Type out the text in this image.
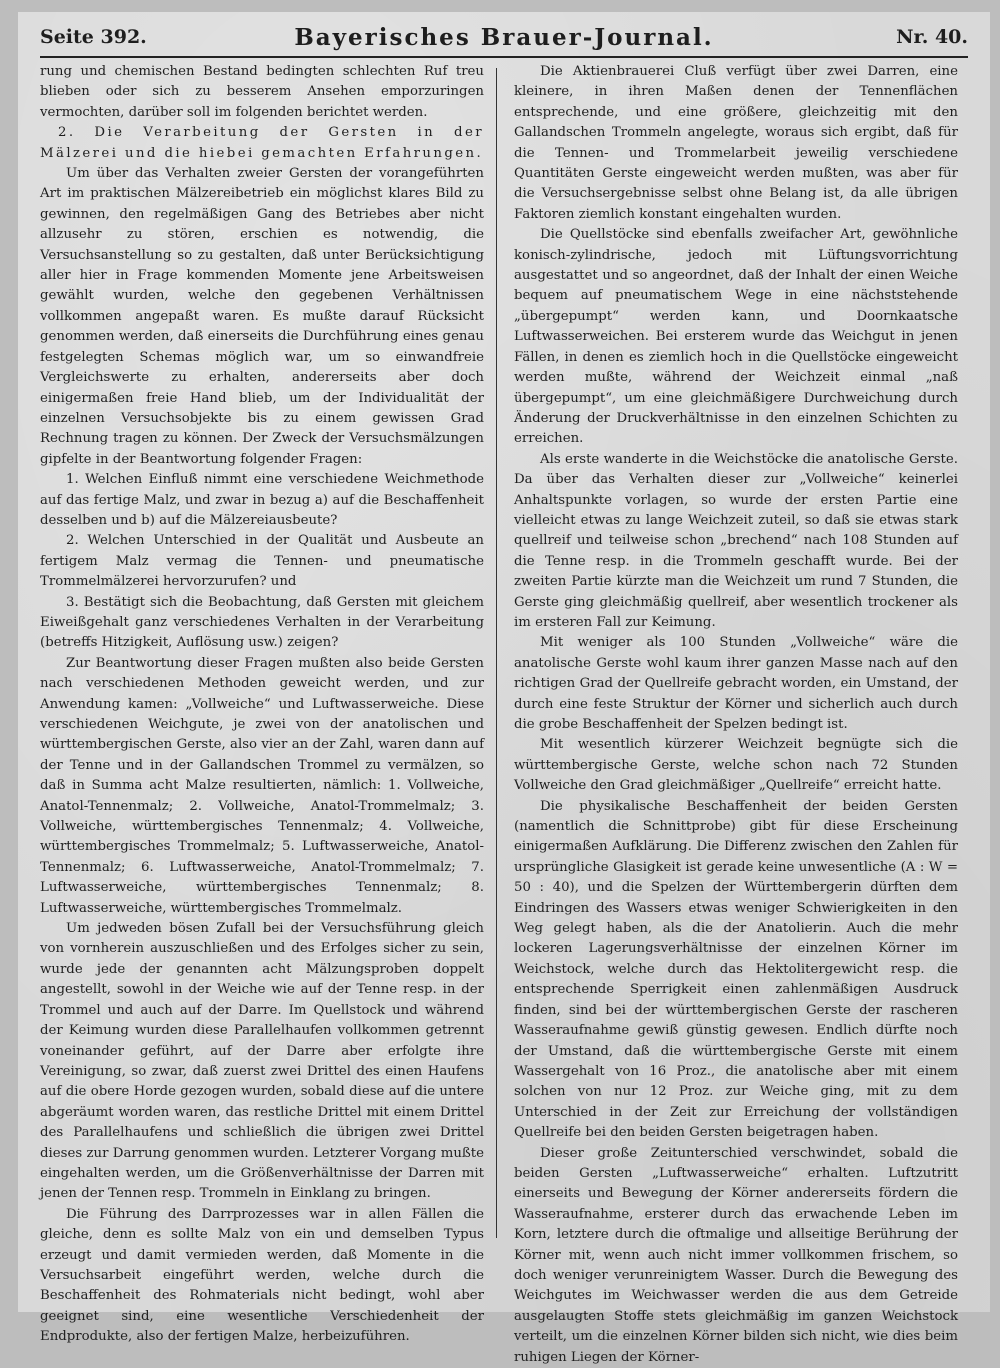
Seite 392.	Bayerisches Brauer-Journal.	Nr. 40.

rung und chemischen Bestand bedingten schlechten Ruf treu blieben oder sich zu besserem Ansehen emporzuringen vermochten, darüber soll im folgenden berichtet werden.

2. Die Verarbeitung der Gersten in der Mälzerei und die hiebei gemachten Erfahrungen.

Um über das Verhalten zweier Gersten der vorangeführten Art im praktischen Mälzereibetrieb ein möglichst klares Bild zu gewinnen, den regelmäßigen Gang des Betriebes aber nicht allzusehr zu stören, erschien es notwendig, die Versuchsanstellung so zu gestalten, daß unter Berücksichtigung aller hier in Frage kommenden Momente jene Arbeitsweisen gewählt wurden, welche den gegebenen Verhältnissen vollkommen angepaßt waren. Es mußte darauf Rücksicht genommen werden, daß einerseits die Durchführung eines genau festgelegten Schemas möglich war, um so einwandfreie Vergleichswerte zu erhalten, andererseits aber doch einigermaßen freie Hand blieb, um der Individualität der einzelnen Versuchsobjekte bis zu einem gewissen Grad Rechnung tragen zu können. Der Zweck der Versuchsmälzungen gipfelte in der Beantwortung folgender Fragen:

1. Welchen Einfluß nimmt eine verschiedene Weichmethode auf das fertige Malz, und zwar in bezug a) auf die Beschaffenheit desselben und b) auf die Mälzereiausbeute?

2. Welchen Unterschied in der Qualität und Ausbeute an fertigem Malz vermag die Tennen- und pneumatische Trommelmälzerei hervorzurufen? und

3. Bestätigt sich die Beobachtung, daß Gersten mit gleichem Eiweißgehalt ganz verschiedenes Verhalten in der Verarbeitung (betreffs Hitzigkeit, Auflösung usw.) zeigen?

Zur Beantwortung dieser Fragen mußten also beide Gersten nach verschiedenen Methoden geweicht werden, und zur Anwendung kamen: „Vollweiche“ und Luftwasserweiche. Diese verschiedenen Weichgute, je zwei von der anatolischen und württembergischen Gerste, also vier an der Zahl, waren dann auf der Tenne und in der Gallandschen Trommel zu vermälzen, so daß in Summa acht Malze resultierten, nämlich: 1. Vollweiche, Anatol-Tennenmalz; 2. Vollweiche, Anatol-Trommelmalz; 3. Vollweiche, württembergisches Tennenmalz; 4. Vollweiche, württembergisches Trommelmalz; 5. Luftwasserweiche, Anatol-Tennenmalz; 6. Luftwasserweiche, Anatol-Trommelmalz; 7. Luftwasserweiche, württembergisches Tennenmalz; 8. Luftwasserweiche, württembergisches Trommelmalz.

Um jedweden bösen Zufall bei der Versuchsführung gleich von vornherein auszuschließen und des Erfolges sicher zu sein, wurde jede der genannten acht Mälzungsproben doppelt angestellt, sowohl in der Weiche wie auf der Tenne resp. in der Trommel und auch auf der Darre. Im Quellstock und während der Keimung wurden diese Parallelhaufen vollkommen getrennt voneinander geführt, auf der Darre aber erfolgte ihre Vereinigung, so zwar, daß zuerst zwei Drittel des einen Haufens auf die obere Horde gezogen wurden, sobald diese auf die untere abgeräumt worden waren, das restliche Drittel mit einem Drittel des Parallelhaufens und schließlich die übrigen zwei Drittel dieses zur Darrung genommen wurden. Letzterer Vorgang mußte eingehalten werden, um die Größenverhältnisse der Darren mit jenen der Tennen resp. Trommeln in Einklang zu bringen.

Die Führung des Darrprozesses war in allen Fällen die gleiche, denn es sollte Malz von ein und demselben Typus erzeugt und damit vermieden werden, daß Momente in die Versuchsarbeit eingeführt werden, welche durch die Beschaffenheit des Rohmaterials nicht bedingt, wohl aber geeignet sind, eine wesentliche Verschiedenheit der Endprodukte, also der fertigen Malze, herbeizuführen.

Die Aktienbrauerei Cluß verfügt über zwei Darren, eine kleinere, in ihren Maßen denen der Tennenflächen entsprechende, und eine größere, gleichzeitig mit den Gallandschen Trommeln angelegte, woraus sich ergibt, daß für die Tennen- und Trommelarbeit jeweilig verschiedene Quantitäten Gerste eingeweicht werden mußten, was aber für die Versuchsergebnisse selbst ohne Belang ist, da alle übrigen Faktoren ziemlich konstant eingehalten wurden.

Die Quellstöcke sind ebenfalls zweifacher Art, gewöhnliche konisch-zylindrische, jedoch mit Lüftungsvorrichtung ausgestattet und so angeordnet, daß der Inhalt der einen Weiche bequem auf pneumatischem Wege in eine nächststehende „übergepumpt“ werden kann, und Doornkaatsche Luftwasserweichen. Bei ersterem wurde das Weichgut in jenen Fällen, in denen es ziemlich hoch in die Quellstöcke eingeweicht werden mußte, während der Weichzeit einmal „naß übergepumpt“, um eine gleichmäßigere Durchweichung durch Änderung der Druckverhältnisse in den einzelnen Schichten zu erreichen.

Als erste wanderte in die Weichstöcke die anatolische Gerste. Da über das Verhalten dieser zur „Vollweiche“ keinerlei Anhaltspunkte vorlagen, so wurde der ersten Partie eine vielleicht etwas zu lange Weichzeit zuteil, so daß sie etwas stark quellreif und teilweise schon „brechend“ nach 108 Stunden auf die Tenne resp. in die Trommeln geschafft wurde. Bei der zweiten Partie kürzte man die Weichzeit um rund 7 Stunden, die Gerste ging gleichmäßig quellreif, aber wesentlich trockener als im ersteren Fall zur Keimung.

Mit weniger als 100 Stunden „Vollweiche“ wäre die anatolische Gerste wohl kaum ihrer ganzen Masse nach auf den richtigen Grad der Quellreife gebracht worden, ein Umstand, der durch eine feste Struktur der Körner und sicherlich auch durch die grobe Beschaffenheit der Spelzen bedingt ist.

Mit wesentlich kürzerer Weichzeit begnügte sich die württembergische Gerste, welche schon nach 72 Stunden Vollweiche den Grad gleichmäßiger „Quellreife“ erreicht hatte.

Die physikalische Beschaffenheit der beiden Gersten (namentlich die Schnittprobe) gibt für diese Erscheinung einigermaßen Aufklärung. Die Differenz zwischen den Zahlen für ursprüngliche Glasigkeit ist gerade keine unwesentliche (A : W = 50 : 40), und die Spelzen der Württembergerin dürften dem Eindringen des Wassers etwas weniger Schwierigkeiten in den Weg gelegt haben, als die der Anatolierin. Auch die mehr lockeren Lagerungsverhältnisse der einzelnen Körner im Weichstock, welche durch das Hektolitergewicht resp. die entsprechende Sperrigkeit einen zahlenmäßigen Ausdruck finden, sind bei der württembergischen Gerste der rascheren Wasseraufnahme gewiß günstig gewesen. Endlich dürfte noch der Umstand, daß die württembergische Gerste mit einem Wassergehalt von 16 Proz., die anatolische aber mit einem solchen von nur 12 Proz. zur Weiche ging, mit zu dem Unterschied in der Zeit zur Erreichung der vollständigen Quellreife bei den beiden Gersten beigetragen haben.

Dieser große Zeitunterschied verschwindet, sobald die beiden Gersten „Luftwasserweiche“ erhalten. Luftzutritt einerseits und Bewegung der Körner andererseits fördern die Wasseraufnahme, ersterer durch das erwachende Leben im Korn, letztere durch die oftmalige und allseitige Berührung der Körner mit, wenn auch nicht immer vollkommen frischem, so doch weniger verunreinigtem Wasser. Durch die Bewegung des Weichgutes im Weichwasser werden die aus dem Getreide ausgelaugten Stoffe stets gleichmäßig im ganzen Weichstock verteilt, um die einzelnen Körner bilden sich nicht, wie dies beim ruhigen Liegen der Körner-
